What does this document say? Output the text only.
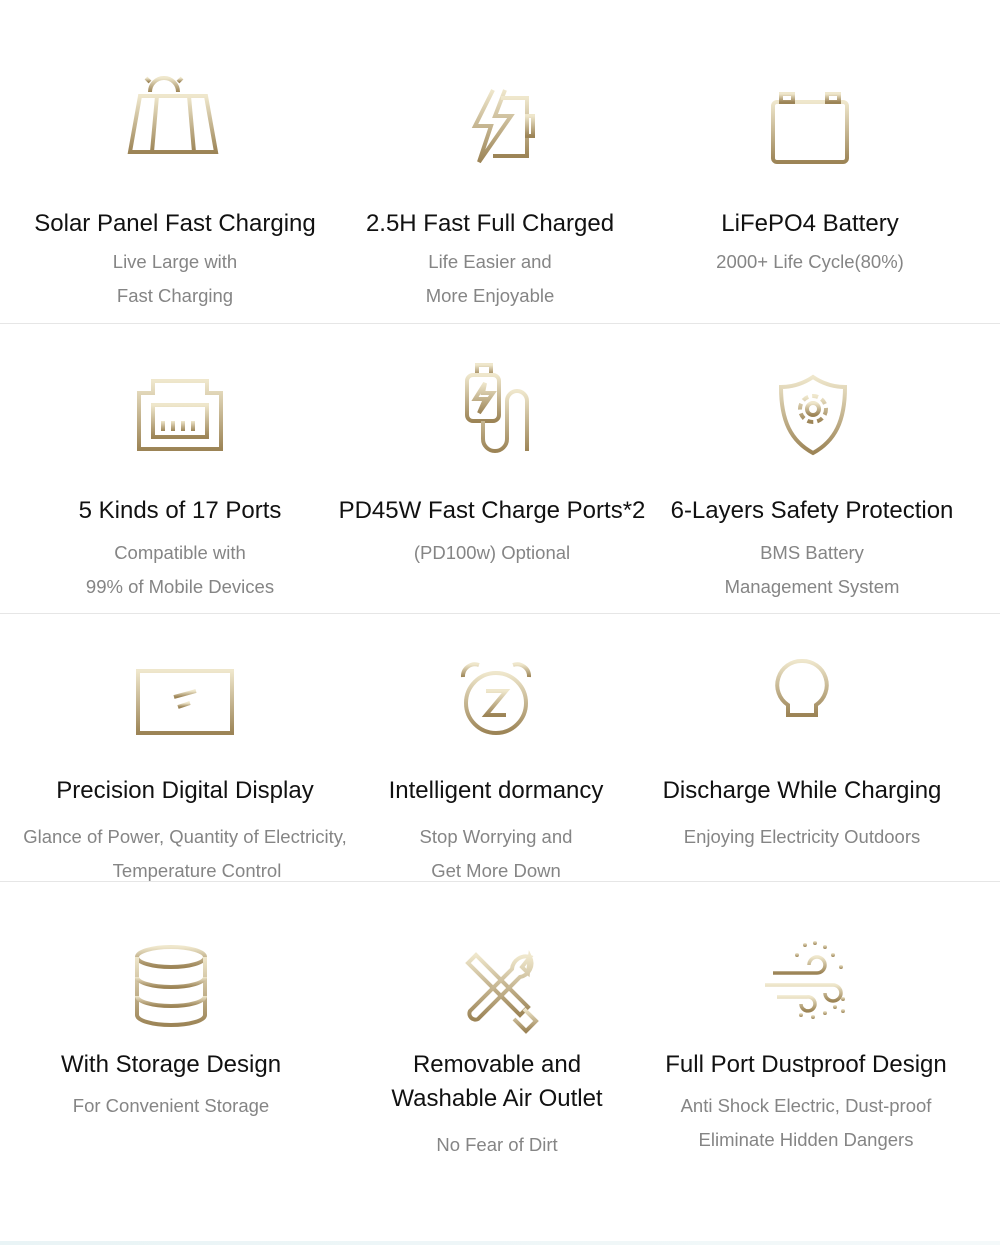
Solar Panel Fast Charging
Live Large with
Fast Charging
2.5H Fast Full Charged
Life Easier and
More Enjoyable
LiFePO4 Battery
2000+ Life Cycle(80%)
5 Kinds of 17 Ports
Compatible with
99% of Mobile Devices
PD45W Fast Charge Ports*2
(PD100w) Optional
6-Layers Safety Protection
BMS Battery
Management System
Precision Digital Display
Glance of Power, Quantity of Electricity,
Temperature Control
Intelligent dormancy
Stop Worrying and
Get More Down
Discharge While Charging
Enjoying Electricity Outdoors
With Storage Design
For Convenient Storage
Removable and
Washable Air Outlet
No Fear of Dirt
Full Port Dustproof Design
Anti Shock Electric, Dust-proof
Eliminate Hidden Dangers
